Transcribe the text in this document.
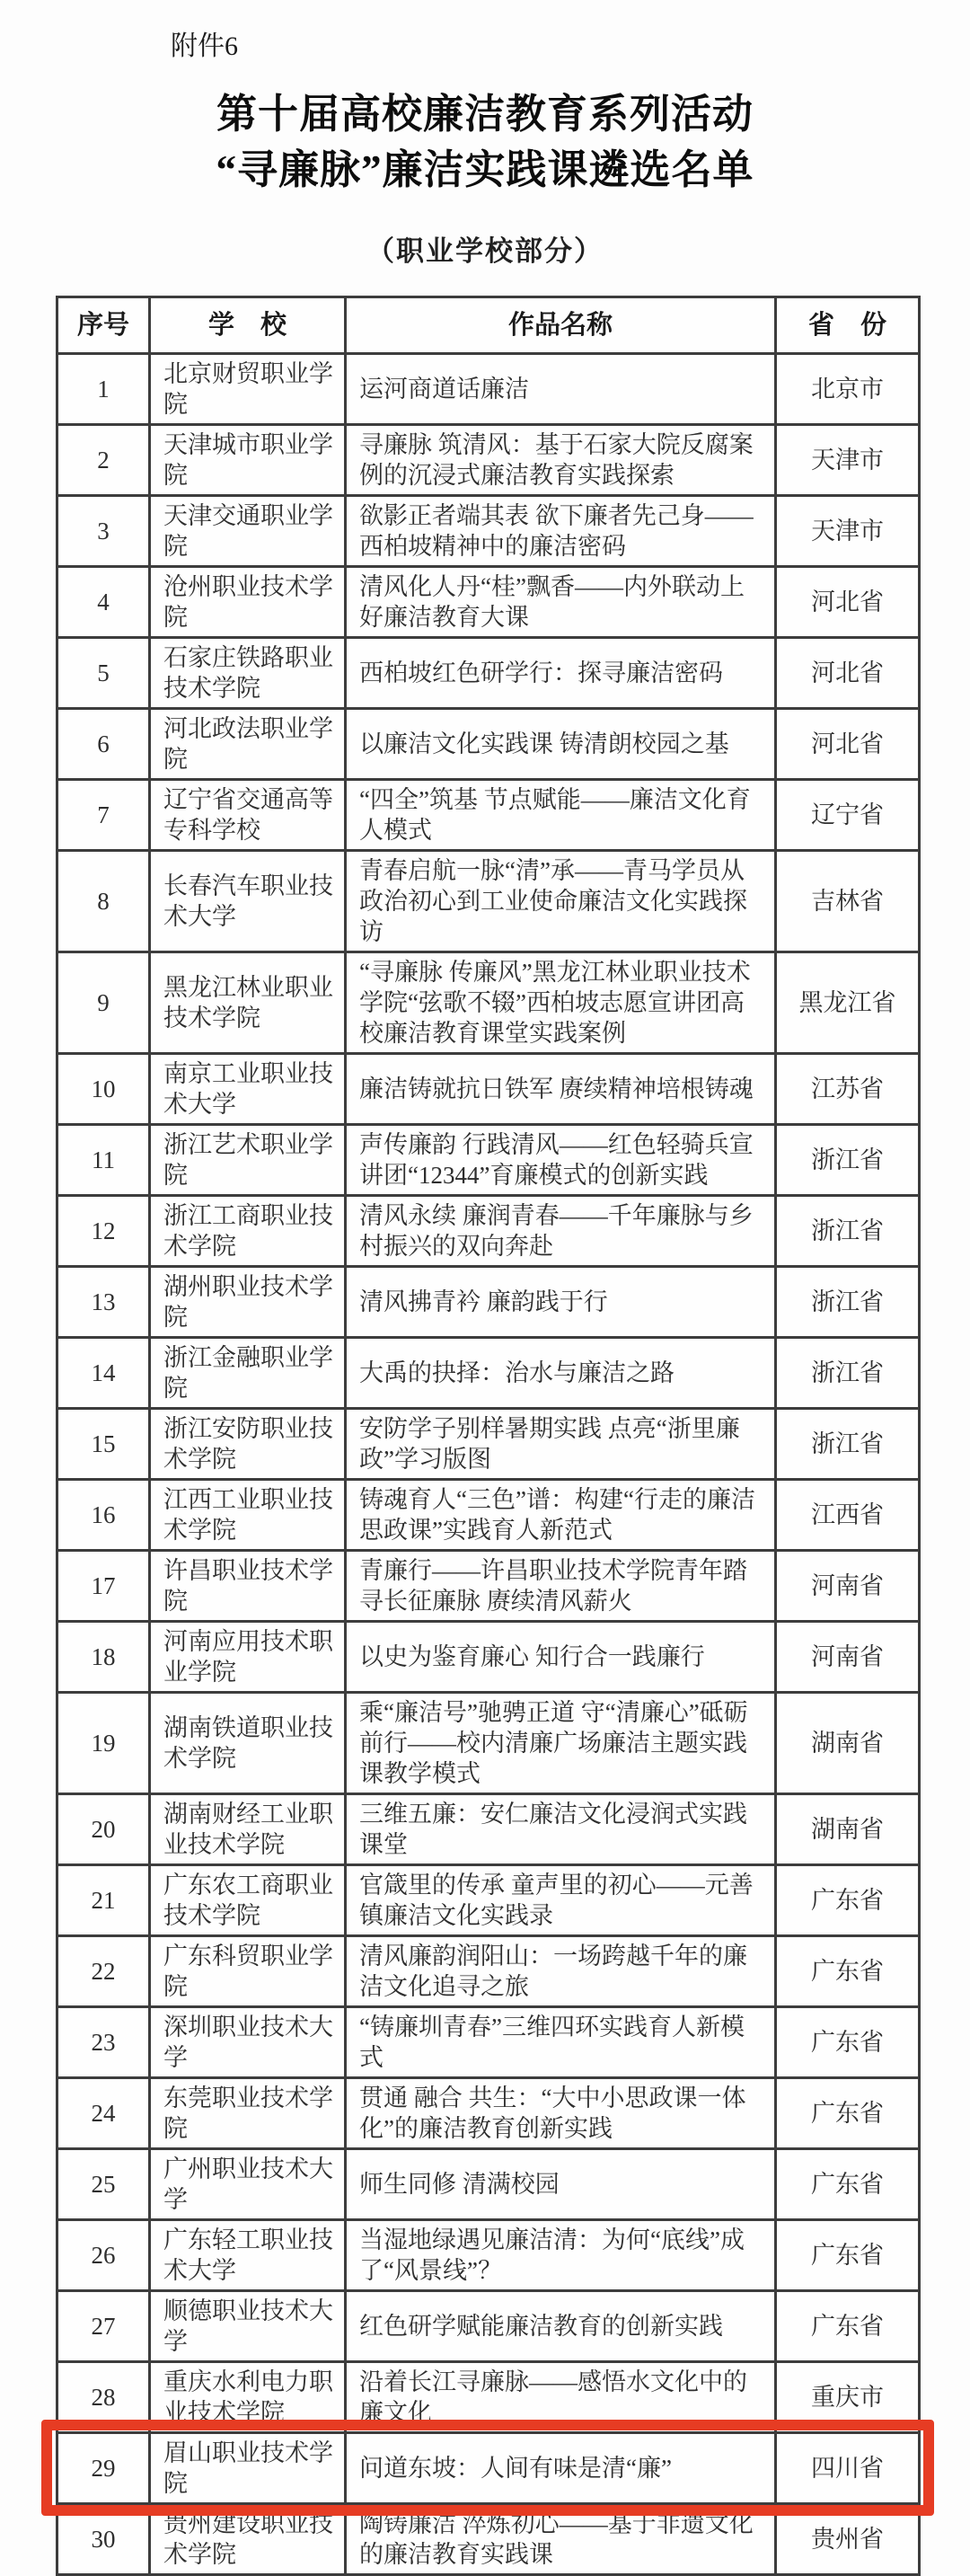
附件6
第十届高校廉洁教育系列活动
“寻廉脉”廉洁实践课遴选名单
（职业学校部分）
序号	学　校	作品名称	省　份
1	北京财贸职业学院	运河商道话廉洁	北京市
2	天津城市职业学院	寻廉脉 筑清风：基于石家大院反腐案例的沉浸式廉洁教育实践探索	天津市
3	天津交通职业学院	欲影正者端其表 欲下廉者先己身——西柏坡精神中的廉洁密码	天津市
4	沧州职业技术学院	清风化人丹“桂”飘香——内外联动上好廉洁教育大课	河北省
5	石家庄铁路职业技术学院	西柏坡红色研学行：探寻廉洁密码	河北省
6	河北政法职业学院	以廉洁文化实践课 铸清朗校园之基	河北省
7	辽宁省交通高等专科学校	“四全”筑基 节点赋能——廉洁文化育人模式	辽宁省
8	长春汽车职业技术大学	青春启航一脉“清”承——青马学员从政治初心到工业使命廉洁文化实践探访	吉林省
9	黑龙江林业职业技术学院	“寻廉脉 传廉风”黑龙江林业职业技术学院“弦歌不辍”西柏坡志愿宣讲团高校廉洁教育课堂实践案例	黑龙江省
10	南京工业职业技术大学	廉洁铸就抗日铁军 赓续精神培根铸魂	江苏省
11	浙江艺术职业学院	声传廉韵 行践清风——红色轻骑兵宣讲团“12344”育廉模式的创新实践	浙江省
12	浙江工商职业技术学院	清风永续 廉润青春——千年廉脉与乡村振兴的双向奔赴	浙江省
13	湖州职业技术学院	清风拂青衿 廉韵践于行	浙江省
14	浙江金融职业学院	大禹的抉择：治水与廉洁之路	浙江省
15	浙江安防职业技术学院	安防学子别样暑期实践 点亮“浙里廉政”学习版图	浙江省
16	江西工业职业技术学院	铸魂育人“三色”谱：构建“行走的廉洁思政课”实践育人新范式	江西省
17	许昌职业技术学院	青廉行——许昌职业技术学院青年踏寻长征廉脉 赓续清风薪火	河南省
18	河南应用技术职业学院	以史为鉴育廉心 知行合一践廉行	河南省
19	湖南铁道职业技术学院	乘“廉洁号”驰骋正道 守“清廉心”砥砺前行——校内清廉广场廉洁主题实践课教学模式	湖南省
20	湖南财经工业职业技术学院	三维五廉：安仁廉洁文化浸润式实践课堂	湖南省
21	广东农工商职业技术学院	官箴里的传承 童声里的初心——元善镇廉洁文化实践录	广东省
22	广东科贸职业学院	清风廉韵润阳山：一场跨越千年的廉洁文化追寻之旅	广东省
23	深圳职业技术大学	“铸廉圳青春”三维四环实践育人新模式	广东省
24	东莞职业技术学院	贯通 融合 共生：“大中小思政课一体化”的廉洁教育创新实践	广东省
25	广州职业技术大学	师生同修 清满校园	广东省
26	广东轻工职业技术大学	当湿地绿遇见廉洁清：为何“底线”成了“风景线”？	广东省
27	顺德职业技术大学	红色研学赋能廉洁教育的创新实践	广东省
28	重庆水利电力职业技术学院	沿着长江寻廉脉——感悟水文化中的廉文化	重庆市
29	眉山职业技术学院	问道东坡：人间有味是清“廉”	四川省
30	贵州建设职业技术学院	陶铸廉洁 淬炼初心——基于非遗文化的廉洁教育实践课	贵州省
